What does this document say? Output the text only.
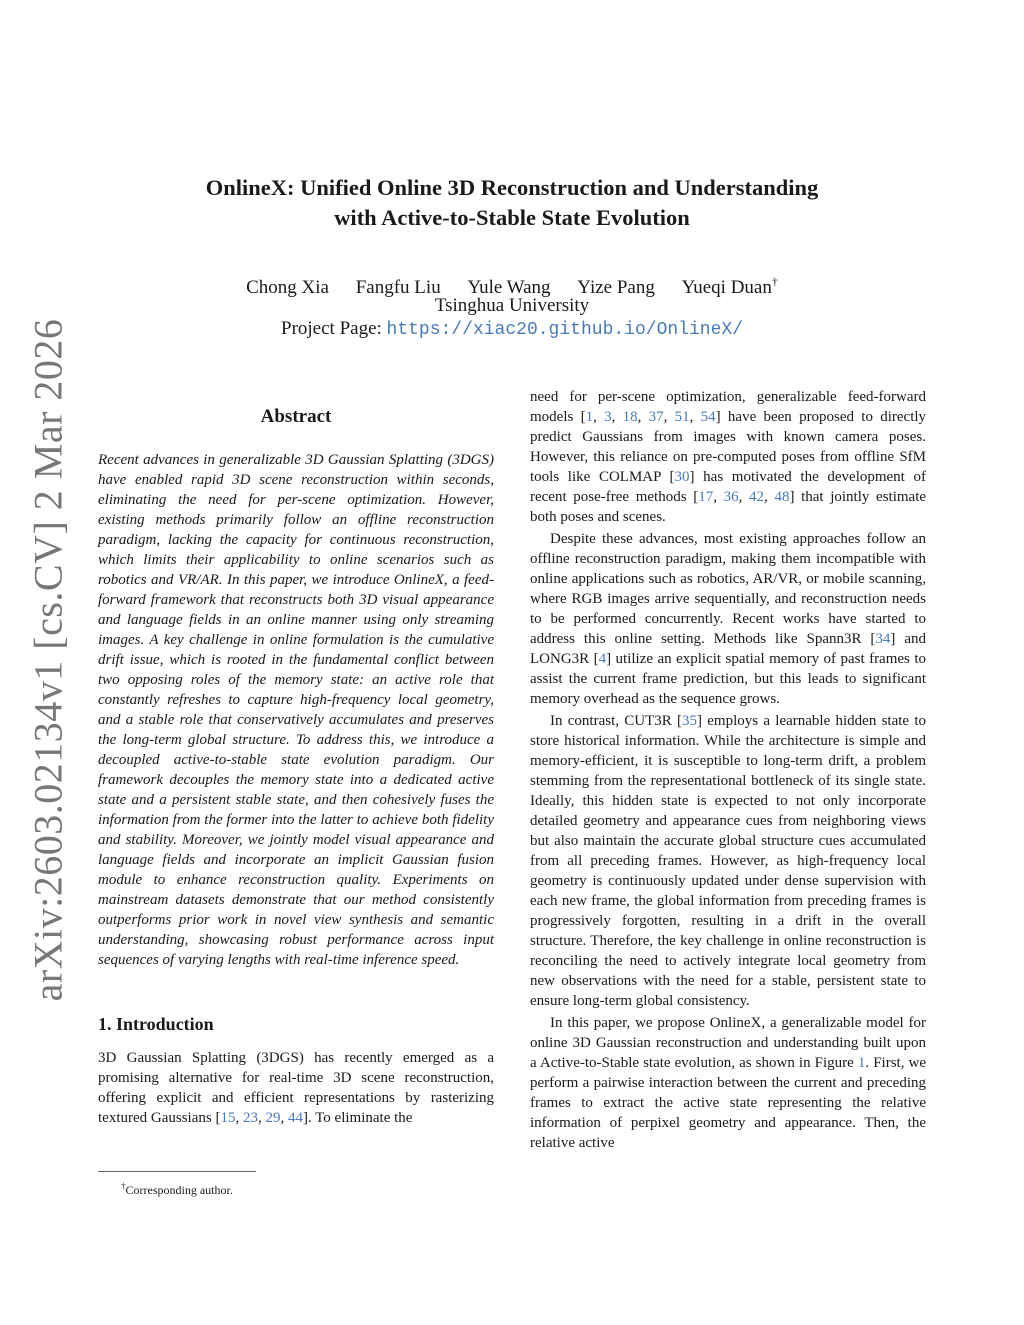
arXiv:2603.02134v1 [cs.CV] 2 Mar 2026
OnlineX: Unified Online 3D Reconstruction and Understanding
with Active-to-Stable State Evolution
Chong Xia Fangfu Liu Yule Wang Yize Pang Yueqi Duan†
Tsinghua University
Project Page: https://xiac20.github.io/OnlineX/
Abstract

Recent advances in generalizable 3D Gaussian Splatting (3DGS) have enabled rapid 3D scene reconstruction within seconds, eliminating the need for per-scene optimization. However, existing methods primarily follow an offline reconstruction paradigm, lacking the capacity for continuous reconstruction, which limits their applicability to online scenarios such as robotics and VR/AR. In this paper, we introduce OnlineX, a feed-forward framework that reconstructs both 3D visual appearance and language fields in an online manner using only streaming images. A key challenge in online formulation is the cumulative drift issue, which is rooted in the fundamental conflict between two opposing roles of the memory state: an active role that constantly refreshes to capture high-frequency local geometry, and a stable role that conservatively accumulates and preserves the long-term global structure. To address this, we introduce a decoupled active-to-stable state evolution paradigm. Our framework decouples the memory state into a dedicated active state and a persistent stable state, and then cohesively fuses the information from the former into the latter to achieve both fidelity and stability. Moreover, we jointly model visual appearance and language fields and incorporate an implicit Gaussian fusion module to enhance reconstruction quality. Experiments on mainstream datasets demonstrate that our method consistently outperforms prior work in novel view synthesis and semantic understanding, showcasing robust performance across input sequences of varying lengths with real-time inference speed.

1. Introduction

3D Gaussian Splatting (3DGS) has recently emerged as a promising alternative for real-time 3D scene reconstruction, offering explicit and efficient representations by rasterizing textured Gaussians [15, 23, 29, 44]. To eliminate the

need for per-scene optimization, generalizable feed-forward models [1, 3, 18, 37, 51, 54] have been proposed to directly predict Gaussians from images with known camera poses. However, this reliance on pre-computed poses from offline SfM tools like COLMAP [30] has motivated the development of recent pose-free methods [17, 36, 42, 48] that jointly estimate both poses and scenes.

Despite these advances, most existing approaches follow an offline reconstruction paradigm, making them incompatible with online applications such as robotics, AR/VR, or mobile scanning, where RGB images arrive sequentially, and reconstruction needs to be performed concurrently. Recent works have started to address this online setting. Methods like Spann3R [34] and LONG3R [4] utilize an explicit spatial memory of past frames to assist the current frame prediction, but this leads to significant memory overhead as the sequence grows.

In contrast, CUT3R [35] employs a learnable hidden state to store historical information. While the architecture is simple and memory-efficient, it is susceptible to long-term drift, a problem stemming from the representational bottleneck of its single state. Ideally, this hidden state is expected to not only incorporate detailed geometry and appearance cues from neighboring views but also maintain the accurate global structure cues accumulated from all preceding frames. However, as high-frequency local geometry is continuously updated under dense supervision with each new frame, the global information from preceding frames is progressively forgotten, resulting in a drift in the overall structure. Therefore, the key challenge in online reconstruction is reconciling the need to actively integrate local geometry from new observations with the need for a stable, persistent state to ensure long-term global consistency.

In this paper, we propose OnlineX, a generalizable model for online 3D Gaussian reconstruction and understanding built upon a Active-to-Stable state evolution, as shown in Figure 1. First, we perform a pairwise interaction between the current and preceding frames to extract the active state representing the relative information of perpixel geometry and appearance. Then, the relative active

†Corresponding author.
